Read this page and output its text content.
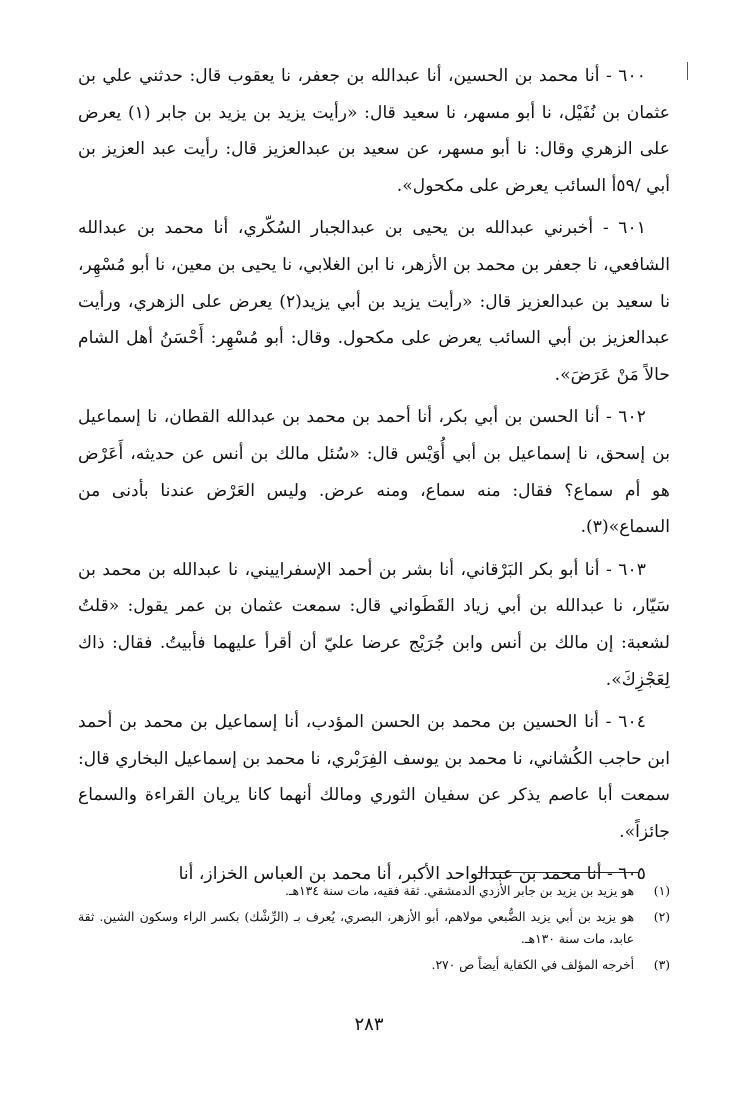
٦٠٠ - أنا محمد بن الحسين، أنا عبدالله بن جعفر، نا يعقوب قال: حدثني علي بن عثمان بن نُفَيْل، نا أبو مسهر، نا سعيد قال: «رأيت يزيد بن يزيد بن جابر (١) يعرض على الزهري وقال: نا أبو مسهر، عن سعيد بن عبدالعزيز قال: رأيت عبد العزيز بن أبي /٥٩أ السائب يعرض على مكحول».

٦٠١ - أخبرني عبدالله بن يحيى بن عبدالجبار السُكّري، أنا محمد بن عبدالله الشافعي، نا جعفر بن محمد بن الأزهر، نا ابن الغلابي، نا يحيى بن معين، نا أبو مُسْهِر، نا سعيد بن عبدالعزيز قال: «رأيت يزيد بن أبي يزيد(٢) يعرض على الزهري، ورأيت عبدالعزيز بن أبي السائب يعرض على مكحول. وقال: أبو مُسْهِر: أَحْسَنُ أهل الشام حالاً مَنْ عَرَضَ».

٦٠٢ - أنا الحسن بن أبي بكر، أنا أحمد بن محمد بن عبدالله القطان، نا إسماعيل بن إسحق، نا إسماعيل بن أبي أُوَيْس قال: «سُئل مالك بن أنس عن حديثه، أَعَرْض هو أم سماع؟ فقال: منه سماع، ومنه عرض. وليس العَرْض عندنا بأدنى من السماع»(٣).

٦٠٣ - أنا أبو بكر البَرْقاني، أنا بشر بن أحمد الإسفراييني، نا عبدالله بن محمد بن سَيّار، نا عبدالله بن أبي زياد القَطَواني قال: سمعت عثمان بن عمر يقول: «قلتُ لشعبة: إن مالك بن أنس وابن جُرَيْج عرضا عليّ أن أقرأ عليهما فأبيتُ. فقال: ذاك لِعَجْزِكَ».

٦٠٤ - أنا الحسين بن محمد بن الحسن المؤدب، أنا إسماعيل بن محمد بن أحمد ابن حاجب الكُشاني، نا محمد بن يوسف الفِرَبْري، نا محمد بن إسماعيل البخاري قال: سمعت أبا عاصم يذكر عن سفيان الثوري ومالك أنهما كانا يريان القراءة والسماع جائزاً».

٦٠٥ - أنا محمد بن عبدالواحد الأكبر، أنا محمد بن العباس الخزاز، أنا

(١)
هو يزيد بن يزيد بن جابر الأزدي الدمشقي. ثقة فقيه، مات سنة ١٣٤هـ.
(٢)
هو يزيد بن أبي يزيد الضُّبعي مولاهم، أبو الأزهر، البصري، يُعرف بـ (الرِّشْك) بكسر الراء وسكون الشين. ثقة عابد، مات سنة ١٣٠هـ.
(٣)
أخرجه المؤلف في الكفاية أيضاً ص ٢٧٠.
٢٨٣
